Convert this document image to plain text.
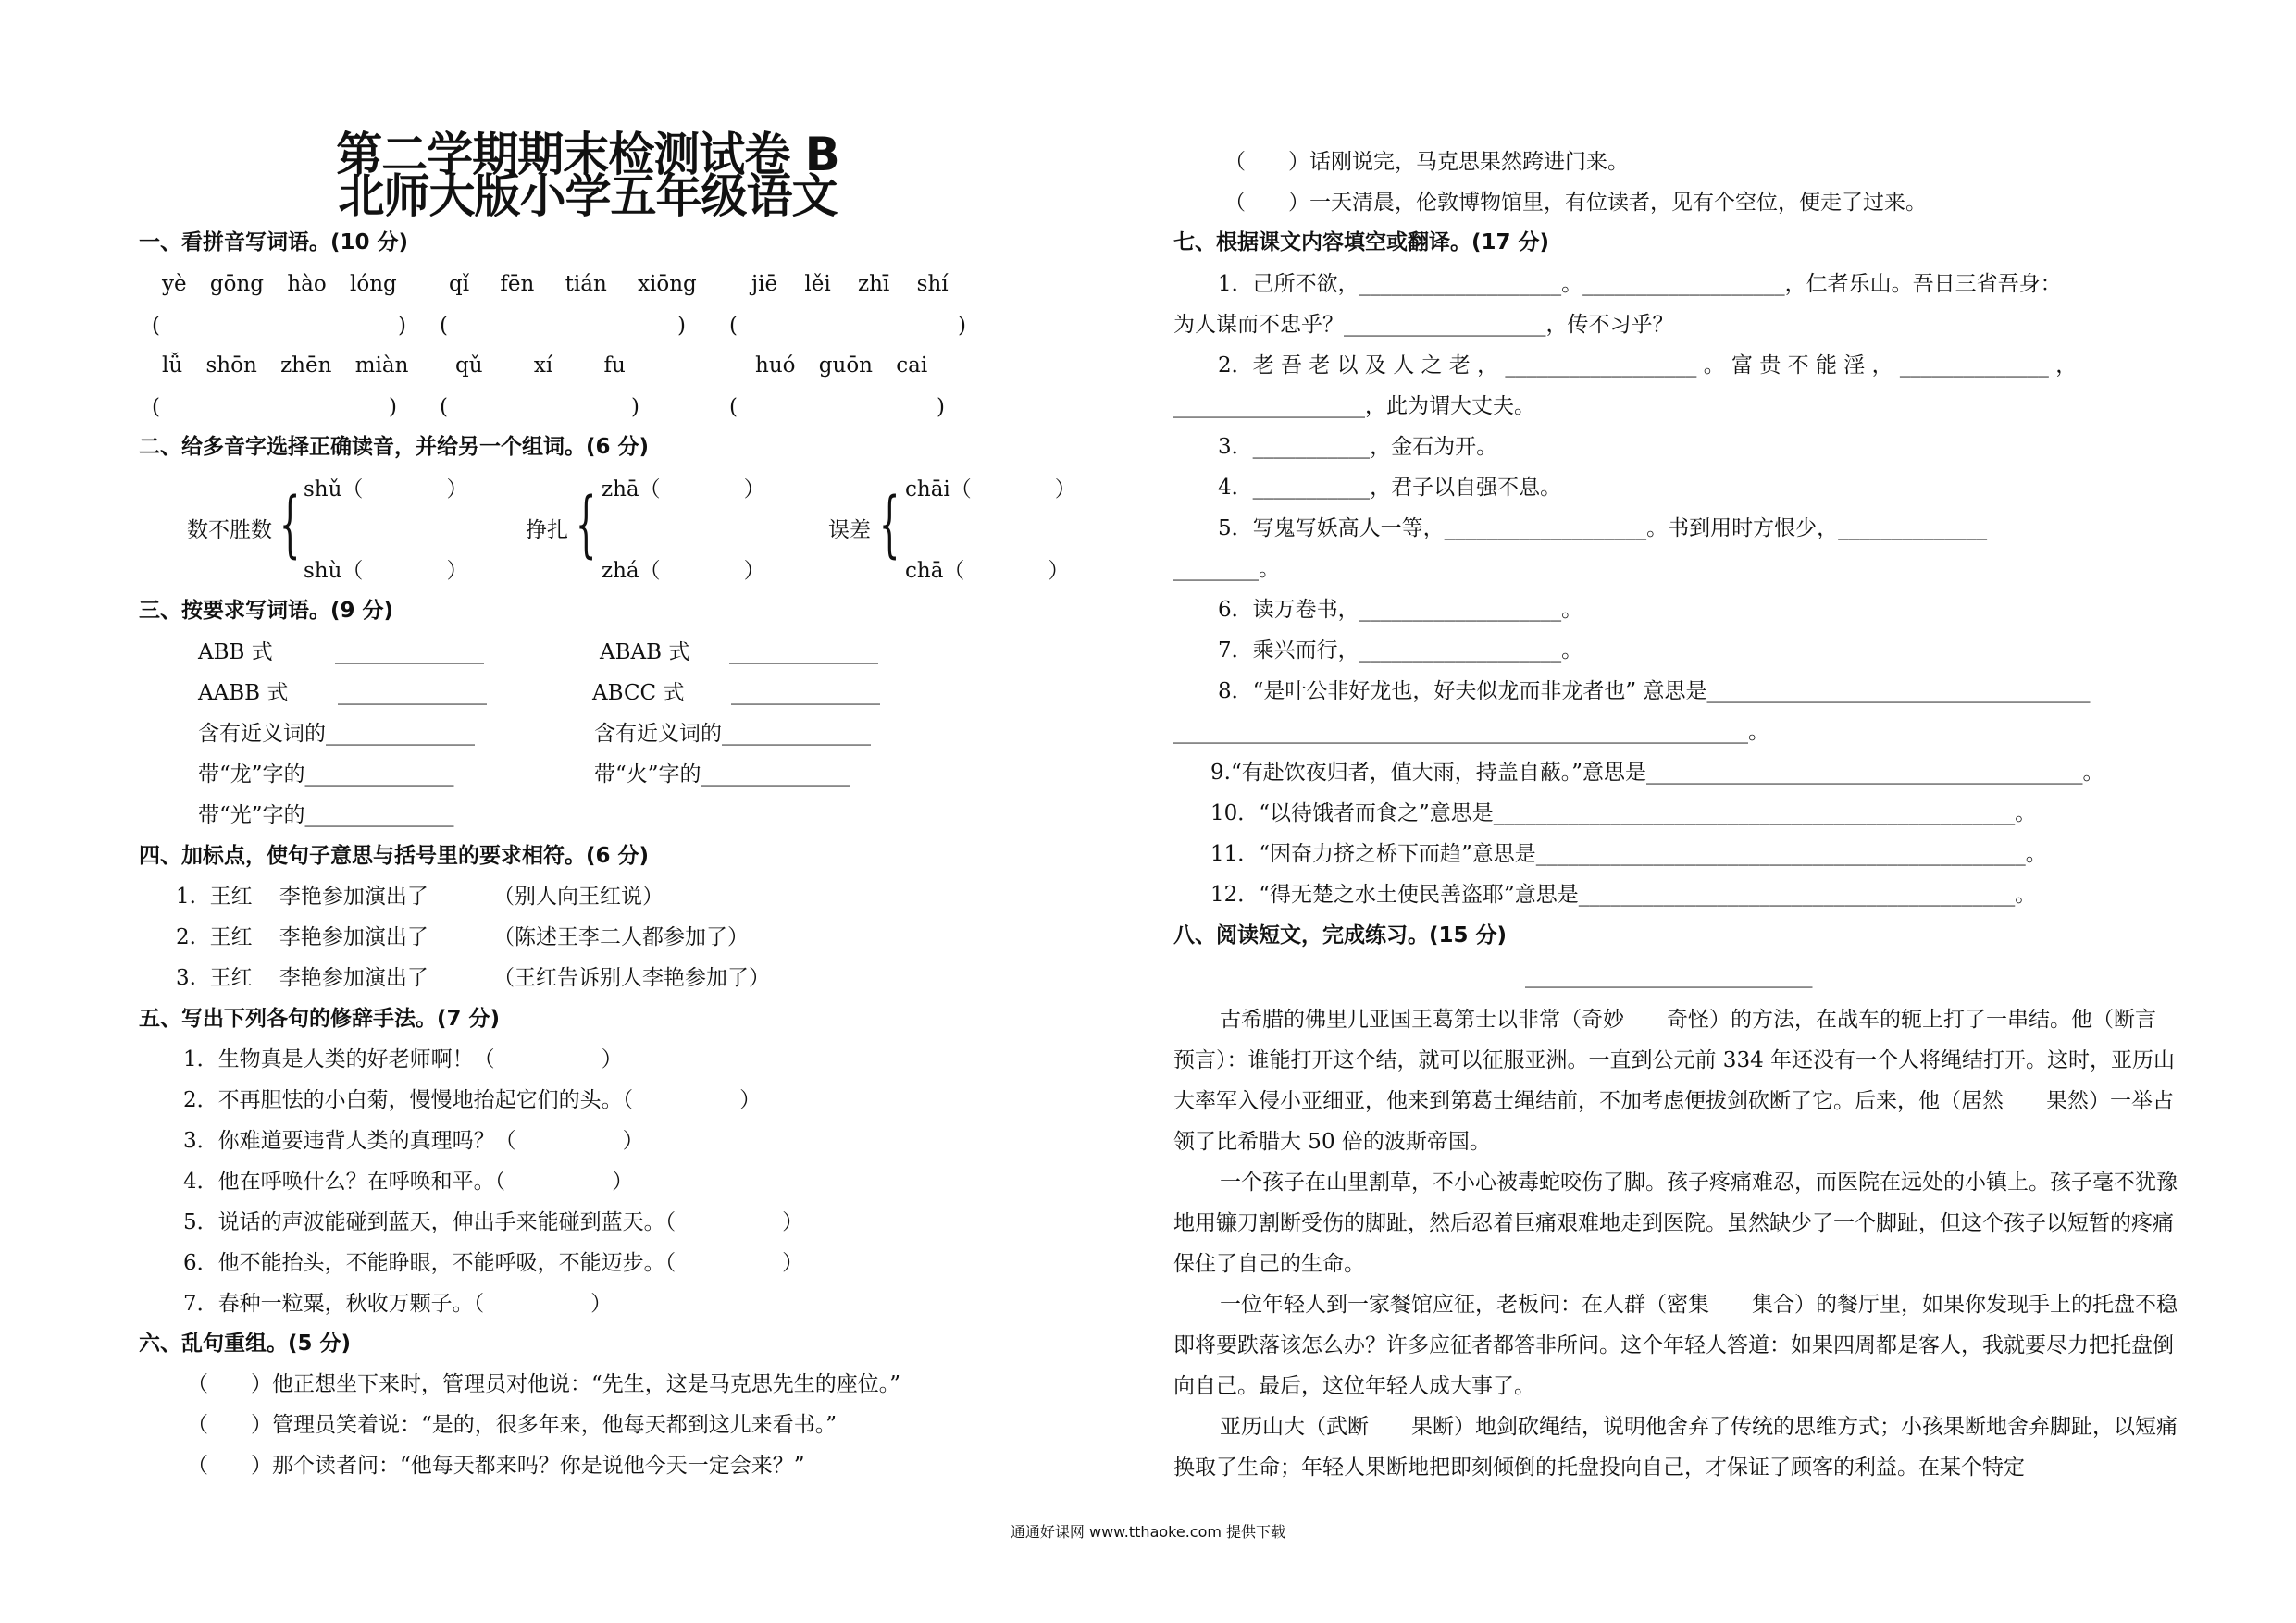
第二学期期末检测试卷 B
北师大版小学五年级语文
一、看拼音写词语。(10 分)
yè gōng hào lóng qǐ fēn tián xiōng	jiē lěi zhī shí
(	) (	) (	)
lǚ shōn zhēn miàn qǔ xí fu	huó guōn cai
(	) (	)	(	)
二、给多音字选择正确读音，并给另一个组词。(6 分)
数不胜数 { shǔ（	）
shù（	）
挣扎 { zhā（	）
zhá（	）
误差 { chāi（	）
chā（	）
三、按要求写词语。(9 分)
ABB 式	______________	ABAB 式 ______________
AABB 式 ______________	ABCC 式 ______________
含有近义词的______________	含有近义词的______________
带“龙”字的______________	带“火”字的______________
带“光”字的______________
四、加标点，使句子意思与括号里的要求相符。(6 分)
1. 王红 李艳参加演出了	（别人向王红说）
2. 王红 李艳参加演出了	（陈述王李二人都参加了）
3. 王红 李艳参加演出了	（王红告诉别人李艳参加了）
五、写出下列各句的修辞手法。(7 分)
1．生物真是人类的好老师啊！（　　　　　）
2．不再胆怯的小白菊，慢慢地抬起它们的头。（　　　　　）
3．你难道要违背人类的真理吗？（　　　　　）
4．他在呼唤什么？在呼唤和平。（　　　　　）
5．说话的声波能碰到蓝天，伸出手来能碰到蓝天。（　　　　　）
6．他不能抬头，不能睁眼，不能呼吸，不能迈步。（　　　　　）
7．春种一粒粟，秋收万颗子。（　　　　　）
六、乱句重组。(5 分)
（　　）他正想坐下来时，管理员对他说：“先生，这是马克思先生的座位。”
（　　）管理员笑着说：“是的，很多年来，他每天都到这儿来看书。”
（　　）那个读者问：“他每天都来吗？你是说他今天一定会来？”
（　　）话刚说完，马克思果然跨进门来。
（　　）一天清晨，伦敦博物馆里，有位读者，见有个空位，便走了过来。
七、根据课文内容填空或翻译。(17 分)
1．己所不欲，___________________。___________________，仁者乐山。吾日三省吾身：
为人谋而不忠乎？___________________，传不习乎？
2．老 吾 老 以 及 人 之 老 ， __________________ 。 富 贵 不 能 淫 ， ______________ ，
__________________，此为谓大丈夫。
3．___________，金石为开。
4．___________，君子以自强不息。
5．写鬼写妖高人一等，___________________。书到用时方恨少，______________
________。
6．读万卷书，___________________。
7．乘兴而行，___________________。
8．“是叶公非好龙也，好夫似龙而非龙者也” 意思是____________________________________
______________________________________________________。
9.“有赴饮夜归者，值大雨，持盖自蔽。”意思是_________________________________________。
10．“以待饿者而食之”意思是_________________________________________________。
11．“因奋力挤之桥下而趋”意思是______________________________________________。
12．“得无楚之水土使民善盗耶”意思是_________________________________________。
八、阅读短文，完成练习。(15 分)
___________________________
古希腊的佛里几亚国王葛第士以非常（奇妙　　奇怪）的方法，在战车的轭上打了一串结。他（断言　　预言）：谁能打开这个结，就可以征服亚洲。一直到公元前 334 年还没有一个人将绳结打开。这时，亚历山大率军入侵小亚细亚，他来到第葛士绳结前，不加考虑便拔剑砍断了它。后来，他（居然　　果然）一举占领了比希腊大 50 倍的波斯帝国。
一个孩子在山里割草，不小心被毒蛇咬伤了脚。孩子疼痛难忍，而医院在远处的小镇上。孩子毫不犹豫地用镰刀割断受伤的脚趾，然后忍着巨痛艰难地走到医院。虽然缺少了一个脚趾，但这个孩子以短暂的疼痛保住了自己的生命。
一位年轻人到一家餐馆应征，老板问：在人群（密集　　集合）的餐厅里，如果你发现手上的托盘不稳即将要跌落该怎么办？许多应征者都答非所问。这个年轻人答道：如果四周都是客人，我就要尽力把托盘倒向自己。最后，这位年轻人成大事了。
亚历山大（武断　　果断）地剑砍绳结，说明他舍弃了传统的思维方式；小孩果断地舍弃脚趾，以短痛换取了生命；年轻人果断地把即刻倾倒的托盘投向自己，才保证了顾客的利益。在某个特定
通通好课网 www.tthaoke.com 提供下载
